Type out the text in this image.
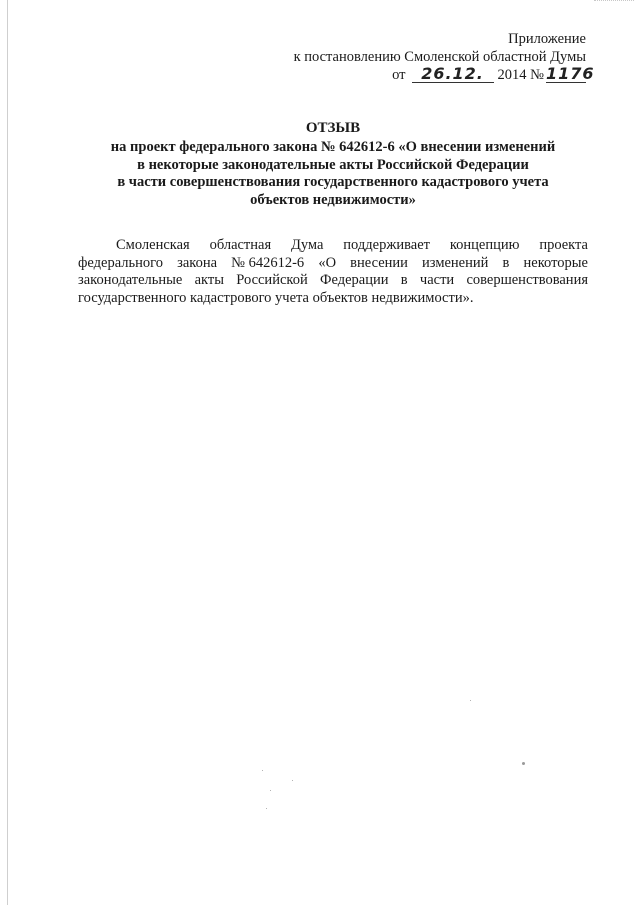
Приложение
к постановлению Смоленской областной Думы
от 26.12. 2014 № 1176
ОТЗЫВ
на проект федерального закона № 642612-6 «О внесении изменений
в некоторые законодательные акты Российской Федерации
в части совершенствования государственного кадастрового учета
объектов недвижимости»
Смоленская областная Дума поддерживает концепцию проекта
федерального закона № 642612-6 «О внесении изменений в некоторые
законодательные акты Российской Федерации в части совершенствования
государственного кадастрового учета объектов недвижимости».
